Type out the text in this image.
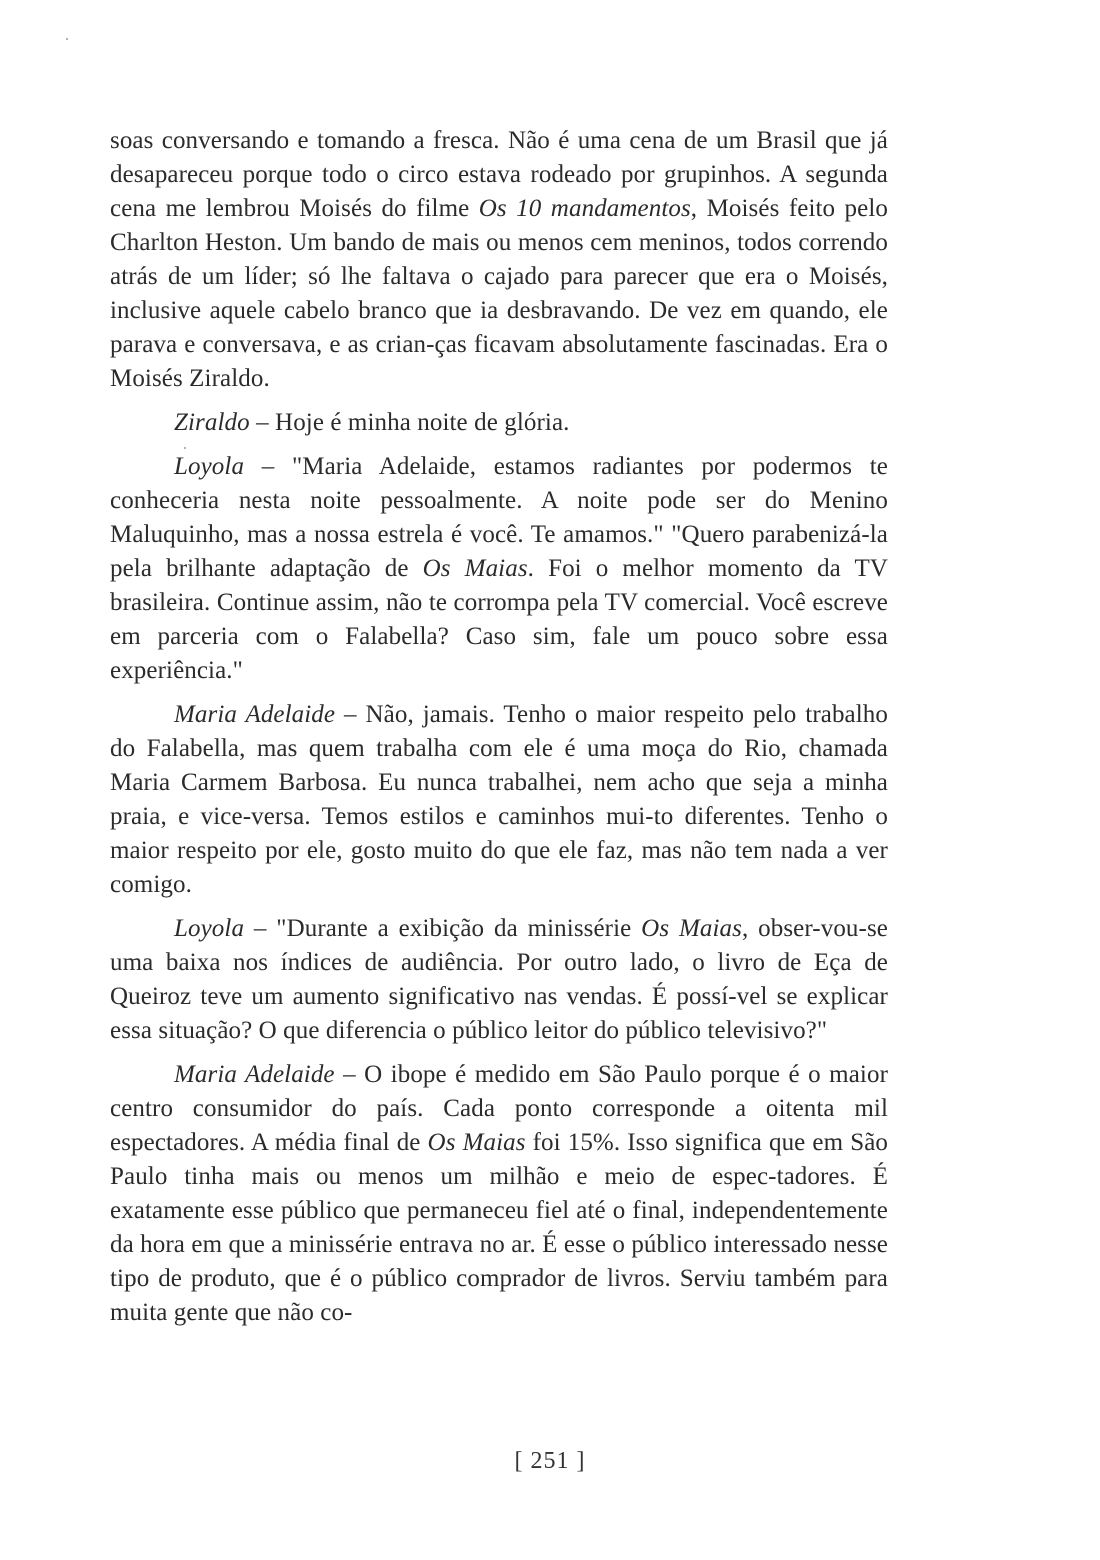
soas conversando e tomando a fresca. Não é uma cena de um Brasil que já desapareceu porque todo o circo estava rodeado por grupinhos. A segunda cena me lembrou Moisés do filme Os 10 mandamentos, Moisés feito pelo Charlton Heston. Um bando de mais ou menos cem meninos, todos correndo atrás de um líder; só lhe faltava o cajado para parecer que era o Moisés, inclusive aquele cabelo branco que ia desbravando. De vez em quando, ele parava e conversava, e as crian-ças ficavam absolutamente fascinadas. Era o Moisés Ziraldo.

Ziraldo – Hoje é minha noite de glória.

Loyola – "Maria Adelaide, estamos radiantes por podermos te conheceria nesta noite pessoalmente. A noite pode ser do Menino Maluquinho, mas a nossa estrela é você. Te amamos." "Quero parabenizá-la pela brilhante adaptação de Os Maias. Foi o melhor momento da TV brasileira. Continue assim, não te corrompa pela TV comercial. Você escreve em parceria com o Falabella? Caso sim, fale um pouco sobre essa experiência."

Maria Adelaide – Não, jamais. Tenho o maior respeito pelo trabalho do Falabella, mas quem trabalha com ele é uma moça do Rio, chamada Maria Carmem Barbosa. Eu nunca trabalhei, nem acho que seja a minha praia, e vice-versa. Temos estilos e caminhos mui-to diferentes. Tenho o maior respeito por ele, gosto muito do que ele faz, mas não tem nada a ver comigo.

Loyola – "Durante a exibição da minissérie Os Maias, obser-vou-se uma baixa nos índices de audiência. Por outro lado, o livro de Eça de Queiroz teve um aumento significativo nas vendas. É possí-vel se explicar essa situação? O que diferencia o público leitor do público televisivo?"

Maria Adelaide – O ibope é medido em São Paulo porque é o maior centro consumidor do país. Cada ponto corresponde a oitenta mil espectadores. A média final de Os Maias foi 15%. Isso significa que em São Paulo tinha mais ou menos um milhão e meio de espec-tadores. É exatamente esse público que permaneceu fiel até o final, independentemente da hora em que a minissérie entrava no ar. É esse o público interessado nesse tipo de produto, que é o público comprador de livros. Serviu também para muita gente que não co-

[ 251 ]
